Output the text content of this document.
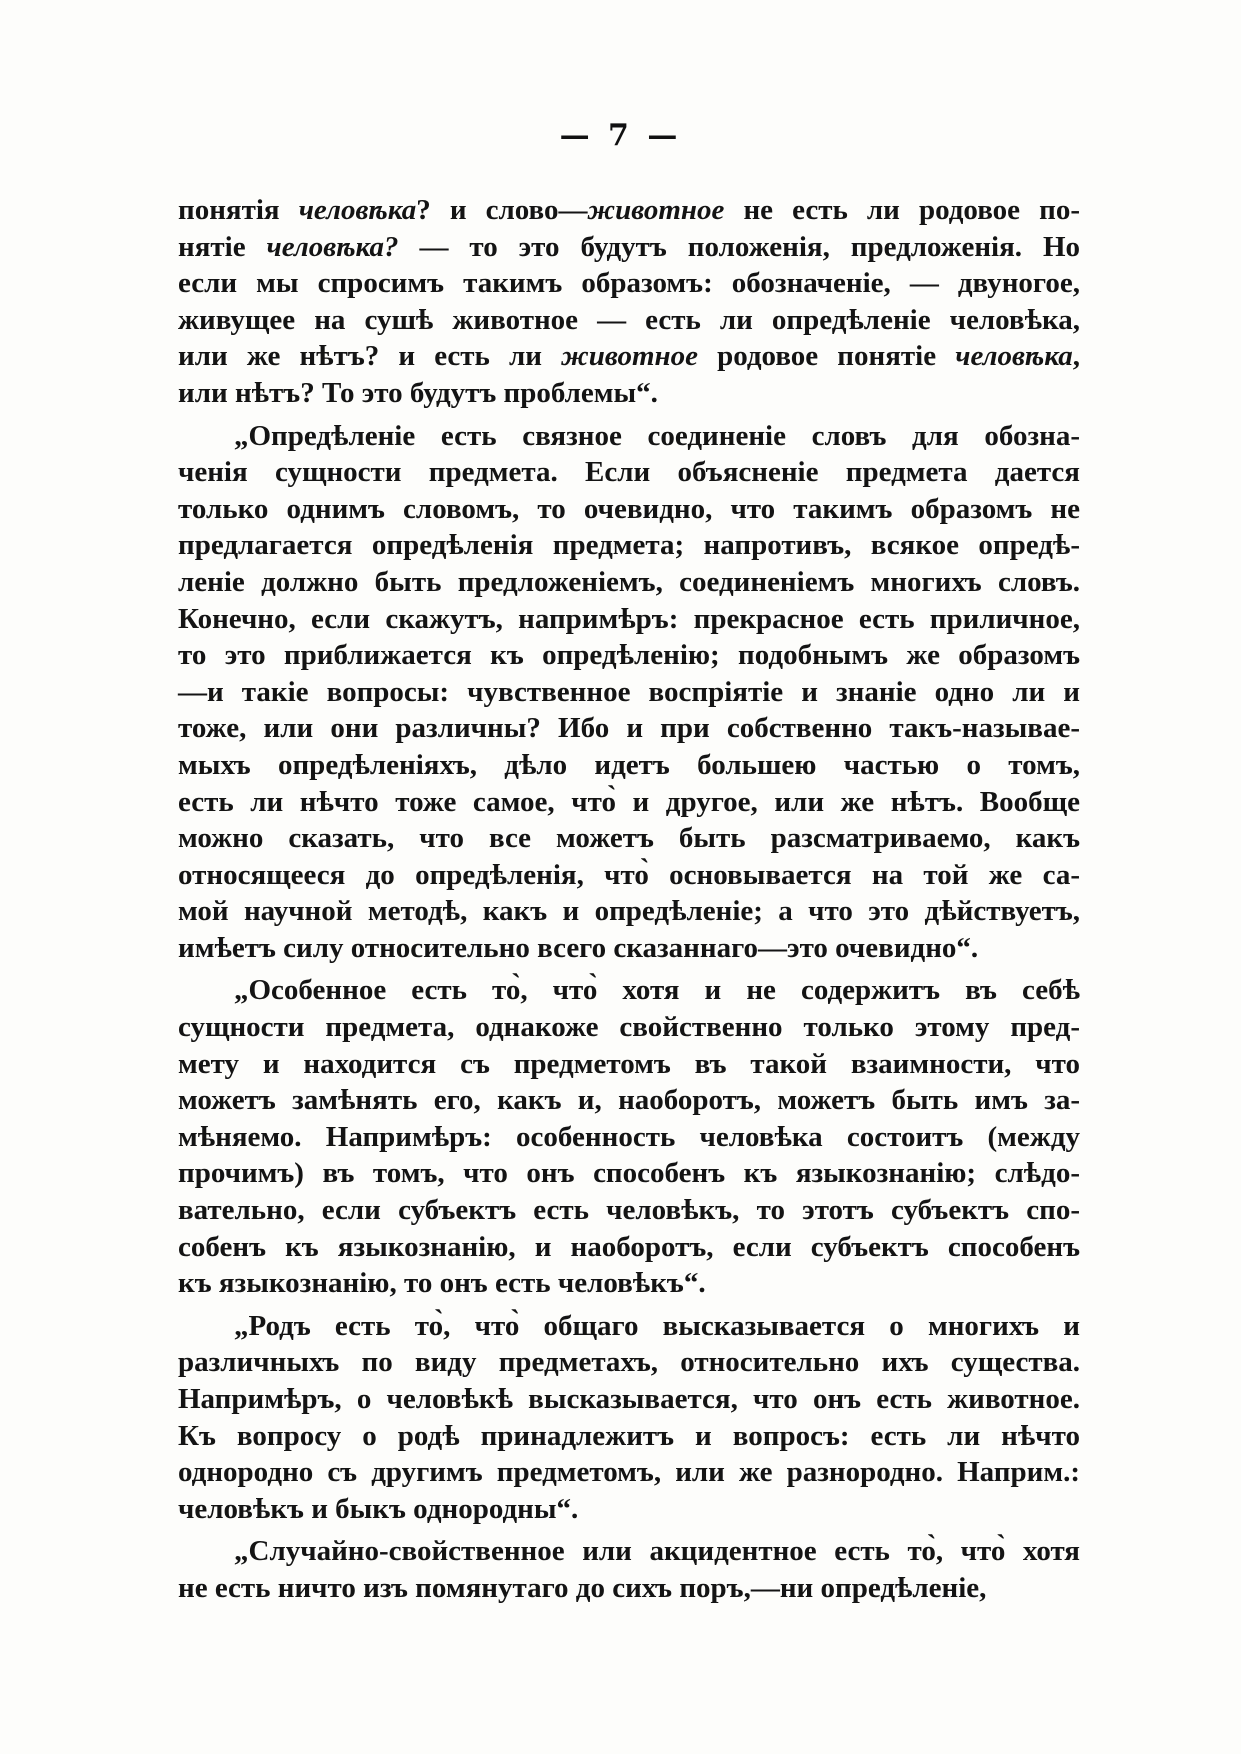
— 7 —
понятія человѣка? и слово—животное не есть ли родовое по-
нятіе человѣка? — то это будутъ положенія, предложенія. Но
если мы спросимъ такимъ образомъ: обозначеніе, — двуногое,
живущее на сушѣ животное — есть ли опредѣленіе человѣка,
или же нѣтъ? и есть ли животное родовое понятіе человѣка,
или нѣтъ? То это будутъ проблемы“.
„Опредѣленіе есть связное соединеніе словъ для обозна-
ченія сущности предмета. Если объясненіе предмета дается
только однимъ словомъ, то очевидно, что такимъ образомъ не
предлагается опредѣленія предмета; напротивъ, всякое опредѣ-
леніе должно быть предложеніемъ, соединеніемъ многихъ словъ.
Конечно, если скажутъ, напримѣръ: прекрасное есть приличное,
то это приближается къ опредѣленію; подобнымъ же образомъ
—и такіе вопросы: чувственное воспріятіе и знаніе одно ли и
тоже, или они различны? Ибо и при собственно такъ-называе-
мыхъ опредѣленіяхъ, дѣло идетъ большею частью о томъ,
есть ли нѣчто тоже самое, что̀ и другое, или же нѣтъ. Вообще
можно сказать, что все можетъ быть разсматриваемо, какъ
относящееся до опредѣленія, что̀ основывается на той же са-
мой научной методѣ, какъ и опредѣленіе; а что это дѣйствуетъ,
имѣетъ силу относительно всего сказаннаго—это очевидно“.
„Особенное есть то̀, что̀ хотя и не содержитъ въ себѣ
сущности предмета, однакоже свойственно только этому пред-
мету и находится съ предметомъ въ такой взаимности, что
можетъ замѣнять его, какъ и, наоборотъ, можетъ быть имъ за-
мѣняемо. Напримѣръ: особенность человѣка состоитъ (между
прочимъ) въ томъ, что онъ способенъ къ языкознанію; слѣдо-
вательно, если субъектъ есть человѣкъ, то этотъ субъектъ спо-
собенъ къ языкознанію, и наоборотъ, если субъектъ способенъ
къ языкознанію, то онъ есть человѣкъ“.
„Родъ есть то̀, что̀ общаго высказывается о многихъ и
различныхъ по виду предметахъ, относительно ихъ существа.
Напримѣръ, о человѣкѣ высказывается, что онъ есть животное.
Къ вопросу о родѣ принадлежитъ и вопросъ: есть ли нѣчто
однородно съ другимъ предметомъ, или же разнородно. Наприм.:
человѣкъ и быкъ однородны“.
„Случайно-свойственное или акцидентное есть то̀, что̀ хотя
не есть ничто изъ помянутаго до сихъ поръ,—ни опредѣленіе,
